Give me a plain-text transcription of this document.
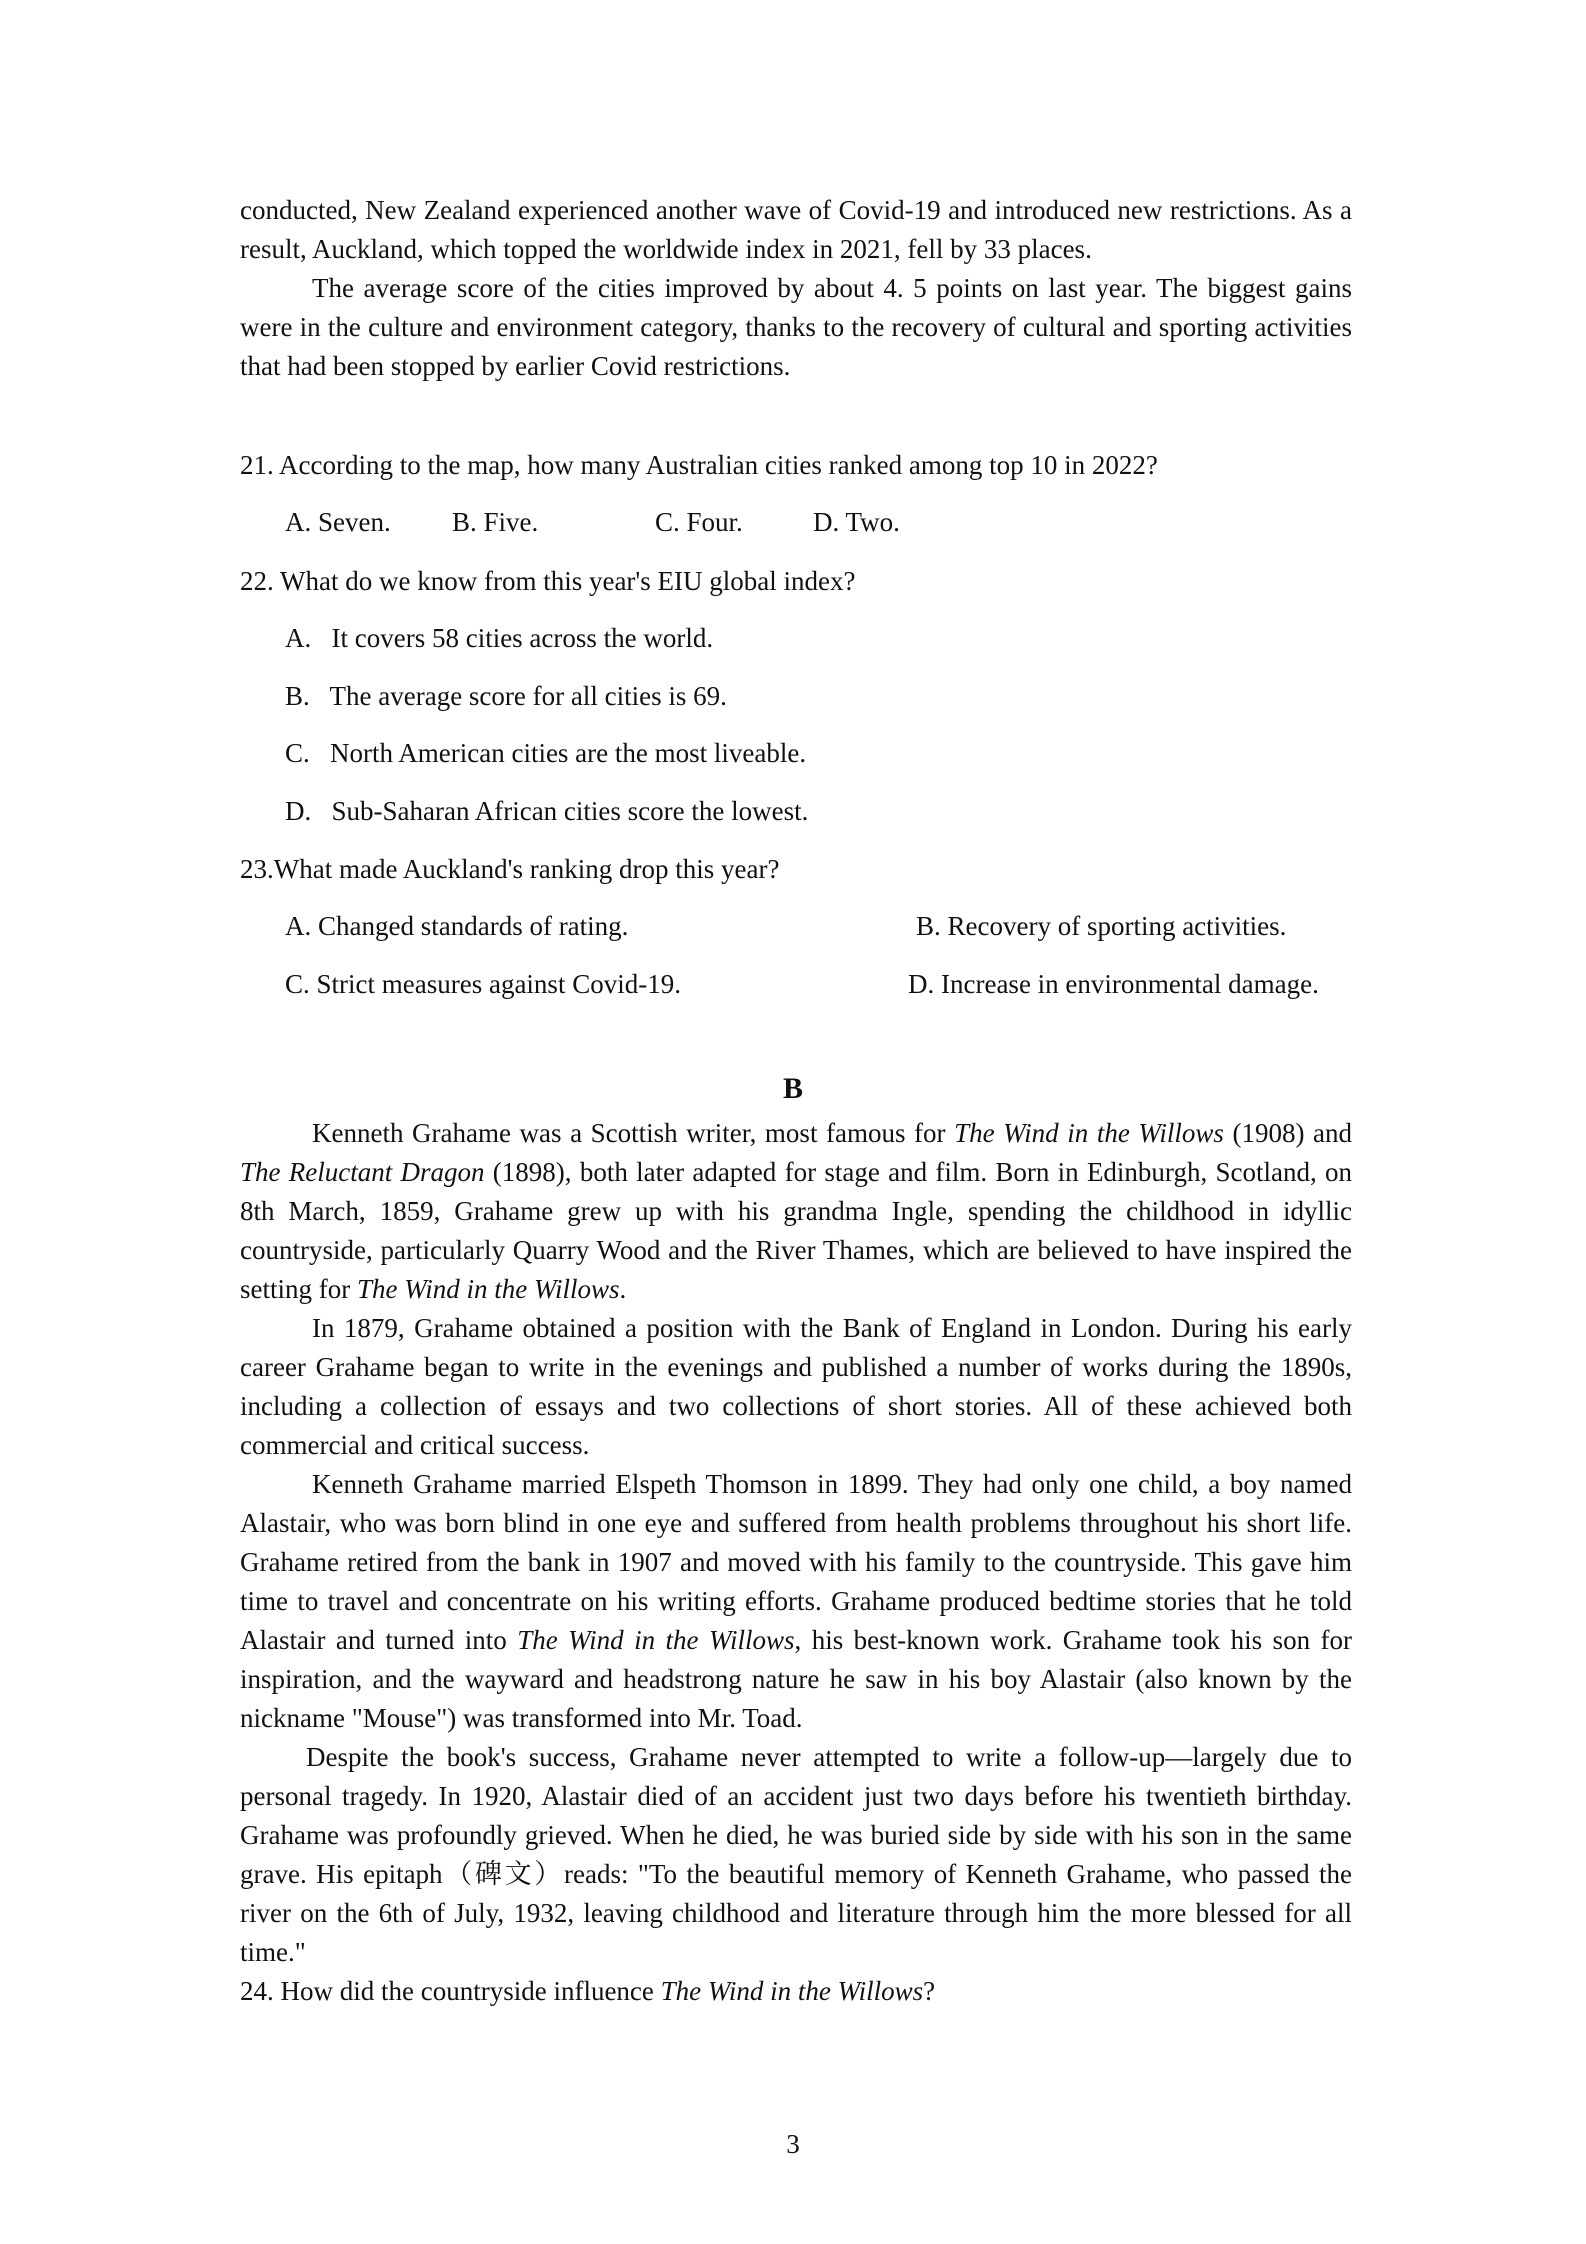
conducted, New Zealand experienced another wave of Covid-19 and introduced new restrictions. As a result, Auckland, which topped the worldwide index in 2021, fell by 33 places.

The average score of the cities improved by about 4. 5 points on last year. The biggest gains were in the culture and environment category, thanks to the recovery of cultural and sporting activities that had been stopped by earlier Covid restrictions.

21. According to the map, how many Australian cities ranked among top 10 in 2022?
A. Seven. B. Five.	C. Four.	D. Two.
22. What do we know from this year's EIU global index?
A.   It covers 58 cities across the world.
B.   The average score for all cities is 69.
C.   North American cities are the most liveable.
D.   Sub-Saharan African cities score the lowest.
23.What made Auckland's ranking drop this year?
A. Changed standards of rating.	B. Recovery of sporting activities.
C. Strict measures against Covid-19.	D. Increase in environmental damage.
B

Kenneth Grahame was a Scottish writer, most famous for The Wind in the Willows (1908) and The Reluctant Dragon (1898), both later adapted for stage and film. Born in Edinburgh, Scotland, on 8th March, 1859, Grahame grew up with his grandma Ingle, spending the childhood in idyllic countryside, particularly Quarry Wood and the River Thames, which are believed to have inspired the setting for The Wind in the Willows.

In 1879, Grahame obtained a position with the Bank of England in London. During his early career Grahame began to write in the evenings and published a number of works during the 1890s, including a collection of essays and two collections of short stories. All of these achieved both commercial and critical success.

Kenneth Grahame married Elspeth Thomson in 1899. They had only one child, a boy named Alastair, who was born blind in one eye and suffered from health problems throughout his short life. Grahame retired from the bank in 1907 and moved with his family to the countryside. This gave him time to travel and concentrate on his writing efforts. Grahame produced bedtime stories that he told Alastair and turned into The Wind in the Willows, his best-known work. Grahame took his son for inspiration, and the wayward and headstrong nature he saw in his boy Alastair (also known by the nickname "Mouse") was transformed into Mr. Toad.

Despite the book's success, Grahame never attempted to write a follow-up—largely due to personal tragedy. In 1920, Alastair died of an accident just two days before his twentieth birthday. Grahame was profoundly grieved. When he died, he was buried side by side with his son in the same grave. His epitaph（碑文）reads: "To the beautiful memory of Kenneth Grahame, who passed the river on the 6th of July, 1932, leaving childhood and literature through him the more blessed for all time."

24. How did the countryside influence The Wind in the Willows?

3
